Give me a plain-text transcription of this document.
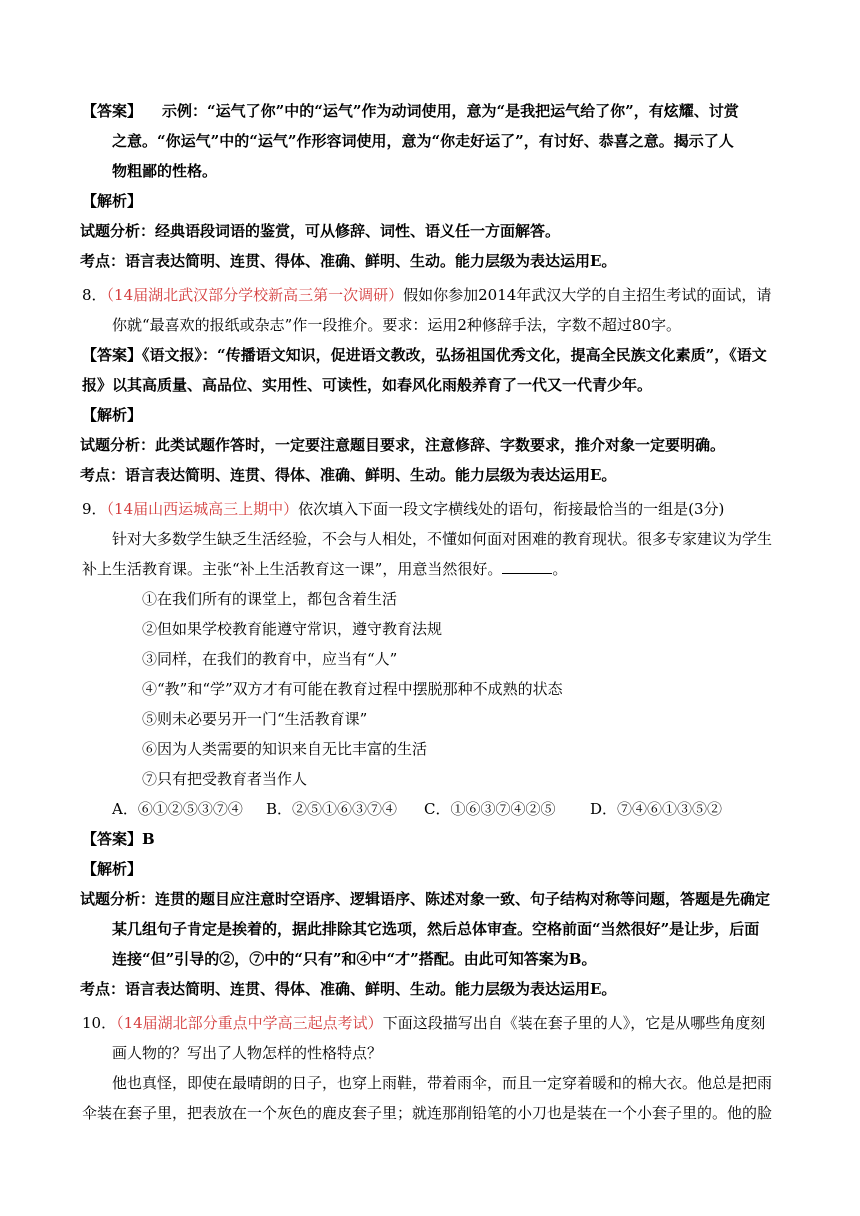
【答案】 示例：“运气了你”中的“运气”作为动词使用，意为“是我把运气给了你”，有炫耀、讨赏
之意。“你运气”中的“运气”作形容词使用，意为“你走好运了”，有讨好、恭喜之意。揭示了人
物粗鄙的性格。
【解析】
试题分析：经典语段词语的鉴赏，可从修辞、词性、语义任一方面解答。
考点：语言表达简明、连贯、得体、准确、鲜明、生动。能力层级为表达运用E。
8．（14届湖北武汉部分学校新高三第一次调研）假如你参加2014年武汉大学的自主招生考试的面试，请
你就“最喜欢的报纸或杂志”作一段推介。要求：运用2种修辞手法，字数不超过80字。
【答案】《语文报》：“传播语文知识，促进语文教改，弘扬祖国优秀文化，提高全民族文化素质”，《语文
报》以其高质量、高品位、实用性、可读性，如春风化雨般养育了一代又一代青少年。
【解析】
试题分析：此类试题作答时，一定要注意题目要求，注意修辞、字数要求，推介对象一定要明确。
考点：语言表达简明、连贯、得体、准确、鲜明、生动。能力层级为表达运用E。
9．（14届山西运城高三上期中）依次填入下面一段文字横线处的语句，衔接最恰当的一组是(3分)
针对大多数学生缺乏生活经验，不会与人相处，不懂如何面对困难的教育现状。很多专家建议为学生
补上生活教育课。主张“补上生活教育这一课”，用意当然很好。	。
①在我们所有的课堂上，都包含着生活
②但如果学校教育能遵守常识，遵守教育法规
③同样，在我们的教育中，应当有“人”
④“教”和“学”双方才有可能在教育过程中摆脱那种不成熟的状态
⑤则未必要另开一门“生活教育课”
⑥因为人类需要的知识来自无比丰富的生活
⑦只有把受教育者当作人
A．⑥①②⑤③⑦④ B．②⑤①⑥③⑦④ C．①⑥③⑦④②⑤ D．⑦④⑥①③⑤②
【答案】B
【解析】
试题分析：连贯的题目应注意时空语序、逻辑语序、陈述对象一致、句子结构对称等问题，答题是先确定
某几组句子肯定是挨着的，据此排除其它选项，然后总体审查。空格前面“当然很好”是让步，后面
连接“但”引导的②，⑦中的“只有”和④中“才”搭配。由此可知答案为B。
考点：语言表达简明、连贯、得体、准确、鲜明、生动。能力层级为表达运用E。
10．（14届湖北部分重点中学高三起点考试）下面这段描写出自《装在套子里的人》，它是从哪些角度刻
画人物的？写出了人物怎样的性格特点？
他也真怪，即使在最晴朗的日子，也穿上雨鞋，带着雨伞，而且一定穿着暖和的棉大衣。他总是把雨
伞装在套子里，把表放在一个灰色的鹿皮套子里；就连那削铅笔的小刀也是装在一个小套子里的。他的脸
